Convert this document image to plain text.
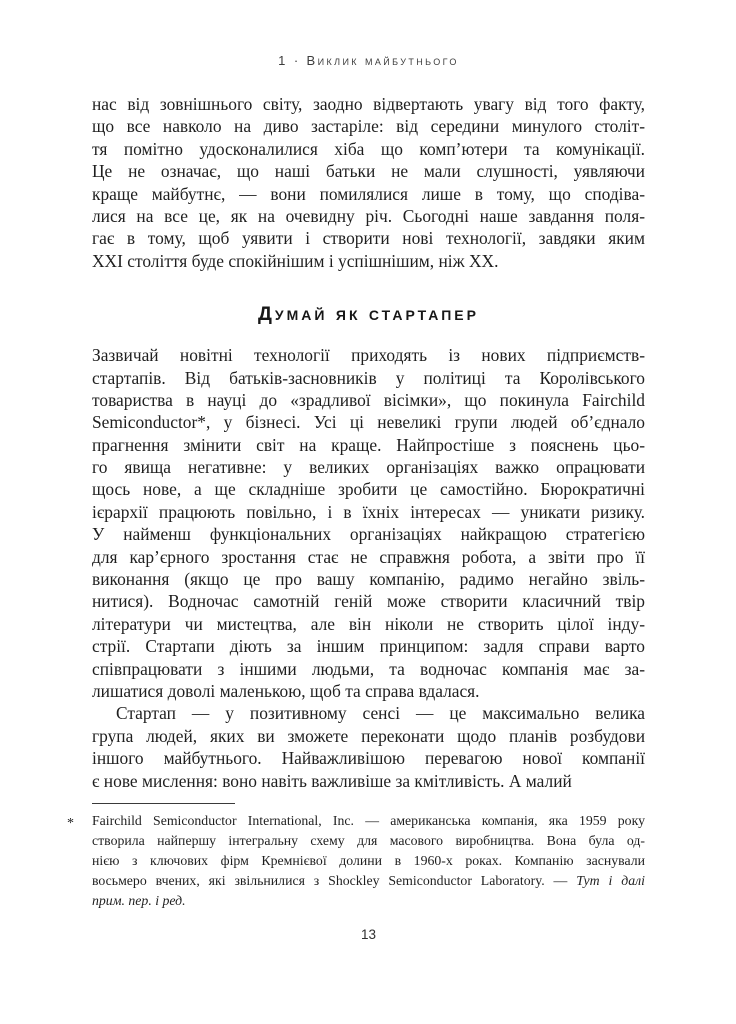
1 · Виклик майбутнього
нас від зовнішнього світу, заодно відвертають увагу від того факту,
що все навколо на диво застаріле: від середини минулого століт-
тя помітно удосконалилися хіба що комп’ютери та комунікації.
Це не означає, що наші батьки не мали слушності, уявляючи
краще майбутнє, — вони помилялися лише в тому, що сподіва-
лися на все це, як на очевидну річ. Сьогодні наше завдання поля-
гає в тому, щоб уявити і створити нові технології, завдяки яким
XXI століття буде спокійнішим і успішнішим, ніж XX.
Думай як стартапер
Зазвичай новітні технології приходять із нових підприємств-
стартапів. Від батьків-засновників у політиці та Королівського
товариства в науці до «зрадливої вісімки», що покинула Fairchild
Semiconductor*, у бізнесі. Усі ці невеликі групи людей об’єднало
прагнення змінити світ на краще. Найпростіше з пояснень цьо-
го явища негативне: у великих організаціях важко опрацювати
щось нове, а ще складніше зробити це самостійно. Бюрократичні
ієрархії працюють повільно, і в їхніх інтересах — уникати ризику.
У найменш функціональних організаціях найкращою стратегією
для кар’єрного зростання стає не справжня робота, а звіти про її
виконання (якщо це про вашу компанію, радимо негайно звіль-
нитися). Водночас самотній геній може створити класичний твір
літератури чи мистецтва, але він ніколи не створить цілої інду-
стрії. Стартапи діють за іншим принципом: задля справи варто
співпрацювати з іншими людьми, та водночас компанія має за-
лишатися доволі маленькою, щоб та справа вдалася.
Стартап — у позитивному сенсі — це максимально велика
група людей, яких ви зможете переконати щодо планів розбудови
іншого майбутнього. Найважливішою перевагою нової компанії
є нове мислення: воно навіть важливіше за кмітливість. А малий
* Fairchild Semiconductor International, Inc. — американська компанія, яка 1959 року
створила найпершу інтегральну схему для масового виробництва. Вона була од-
нією з ключових фірм Кремнієвої долини в 1960-х роках. Компанію заснували
восьмеро вчених, які звільнилися з Shockley Semiconductor Laboratory. — Тут і далі
прим. пер. і ред.
13
